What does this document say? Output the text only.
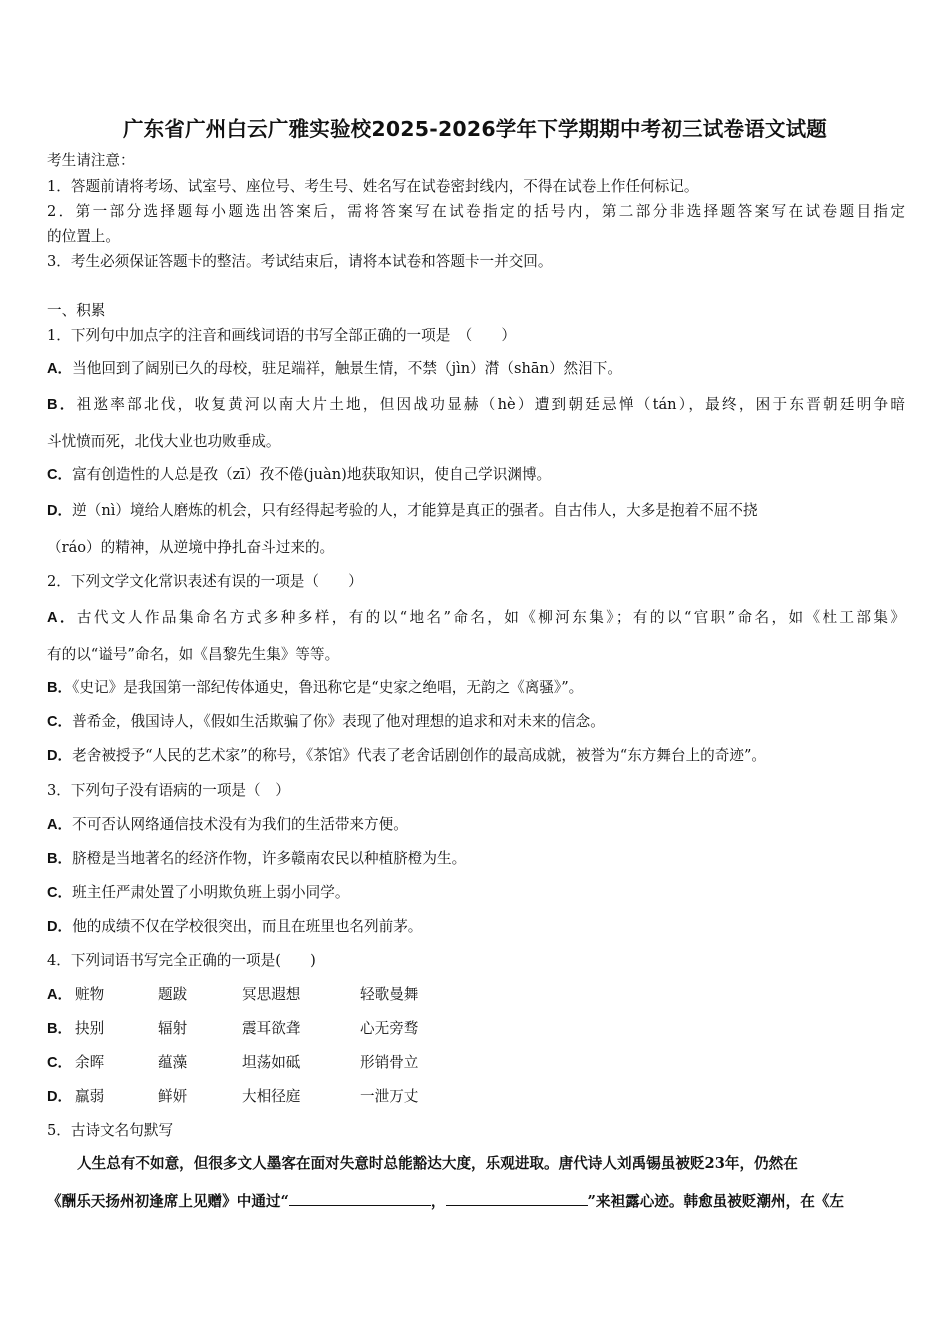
广东省广州白云广雅实验校2025-2026学年下学期期中考初三试卷语文试题
考生请注意：
1．答题前请将考场、试室号、座位号、考生号、姓名写在试卷密封线内，不得在试卷上作任何标记。
2．第一部分选择题每小题选出答案后，需将答案写在试卷指定的括号内，第二部分非选择题答案写在试卷题目指定
的位置上。
3．考生必须保证答题卡的整洁。考试结束后，请将本试卷和答题卡一并交回。
一、积累
1．下列句中加点字的注音和画线词语的书写全部正确的一项是　（　　）
A．当他回到了阔别已久的母校，驻足端祥，触景生情，不禁（jìn）潸（shān）然泪下。
B．祖逖率部北伐，收复黄河以南大片土地，但因战功显赫（hè）遭到朝廷忌惮（tán），最终，困于东晋朝廷明争暗
斗忧愤而死，北伐大业也功败垂成。
C．富有创造性的人总是孜（zī）孜不倦(juàn)地获取知识，使自己学识渊博。
D．逆（nì）境给人磨炼的机会，只有经得起考验的人，才能算是真正的强者。自古伟人，大多是抱着不屈不挠
（ráo）的精神，从逆境中挣扎奋斗过来的。
2．下列文学文化常识表述有误的一项是（　　）
A．古代文人作品集命名方式多种多样，有的以“地名”命名，如《柳河东集》；有的以“官职”命名，如《杜工部集》
有的以“谥号”命名，如《昌黎先生集》等等。
B．《史记》是我国第一部纪传体通史，鲁迅称它是“史家之绝唱，无韵之《离骚》”。
C．普希金，俄国诗人，《假如生活欺骗了你》表现了他对理想的追求和对未来的信念。
D．老舍被授予“人民的艺术家”的称号，《茶馆》代表了老舍话剧创作的最高成就，被誉为“东方舞台上的奇迹”。
3．下列句子没有语病的一项是（　）
A．不可否认网络通信技术没有为我们的生活带来方便。
B．脐橙是当地著名的经济作物，许多赣南农民以种植脐橙为生。
C．班主任严肃处置了小明欺负班上弱小同学。
D．他的成绩不仅在学校很突出，而且在班里也名列前茅。
4．下列词语书写完全正确的一项是(　　)
A． 赃物	题跋	冥思遐想	轻歌曼舞
B． 抉别	辐射	震耳欲聋	心无旁骛
C． 余晖	蕴藻	坦荡如砥	形销骨立
D． 羸弱	鲜妍	大相径庭	一泄万丈
5．古诗文名句默写
人生总有不如意，但很多文人墨客在面对失意时总能豁达大度，乐观进取。唐代诗人刘禹锡虽被贬23年，仍然在
《酬乐天扬州初逢席上见赠》中通过“	，	”来袒露心迹。韩愈虽被贬潮州，在《左
